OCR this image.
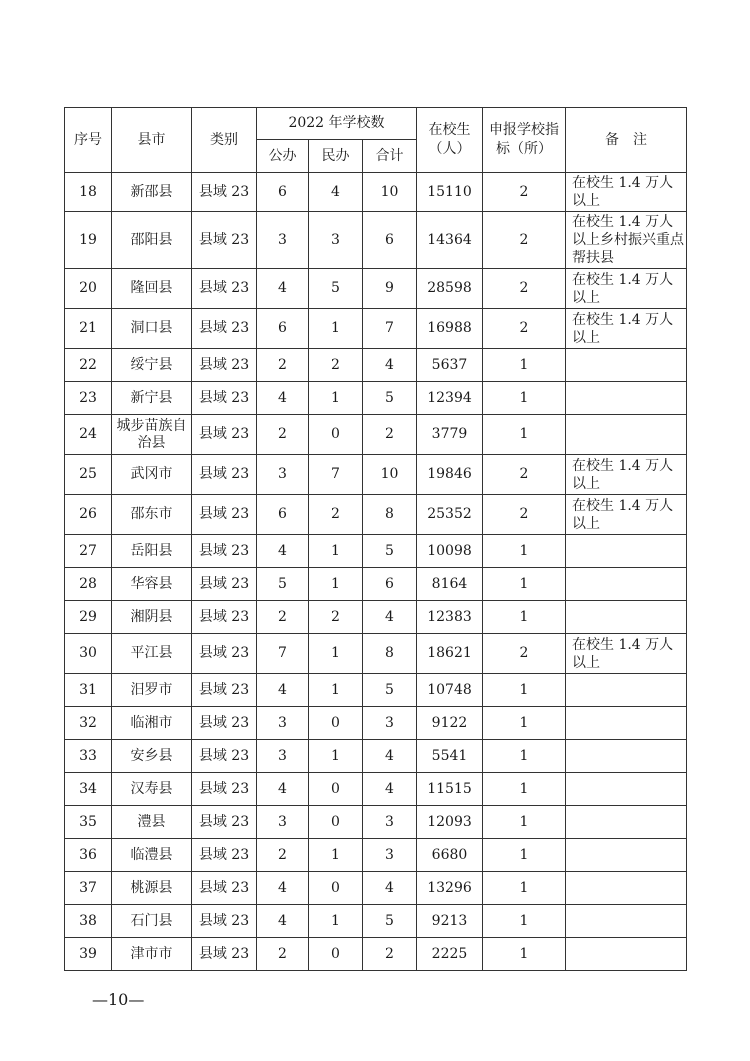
序号	县市	类别	2022 年学校数			在校生（人）	申报学校指标（所）	备　注
			公办	民办	合计			
18	新邵县	县域 23	6	4	10	15110	2	在校生 1.4 万人以上
19	邵阳县	县域 23	3	3	6	14364	2	在校生 1.4 万人以上乡村振兴重点帮扶县
20	隆回县	县域 23	4	5	9	28598	2	在校生 1.4 万人以上
21	洞口县	县域 23	6	1	7	16988	2	在校生 1.4 万人以上
22	绥宁县	县域 23	2	2	4	5637	1	
23	新宁县	县域 23	4	1	5	12394	1	
24	城步苗族自治县	县域 23	2	0	2	3779	1	
25	武冈市	县域 23	3	7	10	19846	2	在校生 1.4 万人以上
26	邵东市	县域 23	6	2	8	25352	2	在校生 1.4 万人以上
27	岳阳县	县域 23	4	1	5	10098	1	
28	华容县	县域 23	5	1	6	8164	1	
29	湘阴县	县域 23	2	2	4	12383	1	
30	平江县	县域 23	7	1	8	18621	2	在校生 1.4 万人以上
31	汨罗市	县域 23	4	1	5	10748	1	
32	临湘市	县域 23	3	0	3	9122	1	
33	安乡县	县域 23	3	1	4	5541	1	
34	汉寿县	县域 23	4	0	4	11515	1	
35	澧县	县域 23	3	0	3	12093	1	
36	临澧县	县域 23	2	1	3	6680	1	
37	桃源县	县域 23	4	0	4	13296	1	
38	石门县	县域 23	4	1	5	9213	1	
39	津市市	县域 23	2	0	2	2225	1	
—10—
